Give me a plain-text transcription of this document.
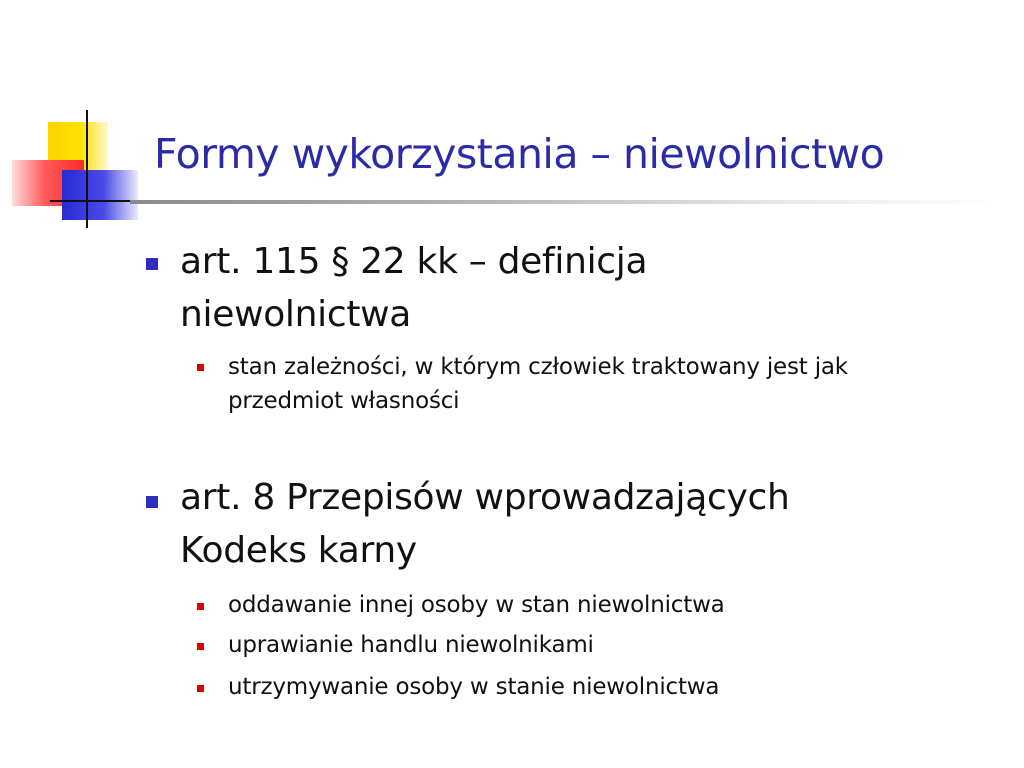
Formy wykorzystania – niewolnictwo
art. 115 § 22 kk – definicja
niewolnictwa
stan zależności, w którym człowiek traktowany jest jak
przedmiot własności
art. 8 Przepisów wprowadzających
Kodeks karny
oddawanie innej osoby w stan niewolnictwa
uprawianie handlu niewolnikami
utrzymywanie osoby w stanie niewolnictwa
